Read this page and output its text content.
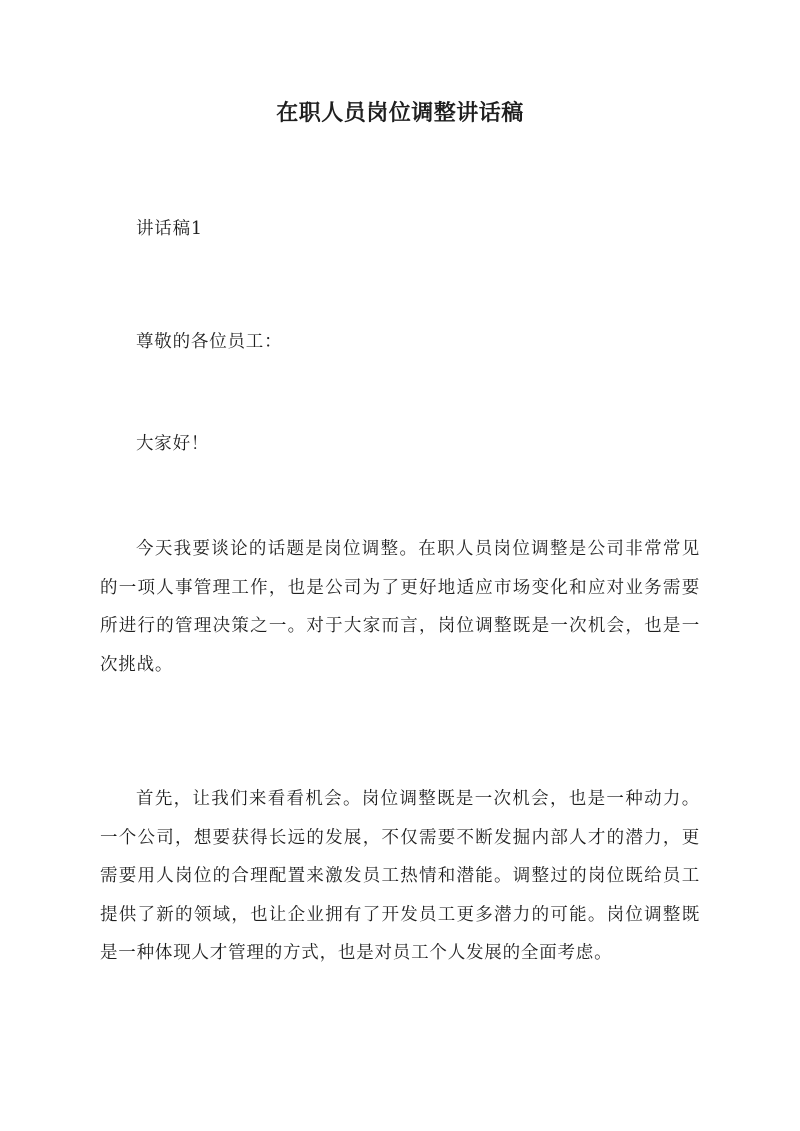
在职人员岗位调整讲话稿

讲话稿1

尊敬的各位员工：

大家好！

今天我要谈论的话题是岗位调整。在职人员岗位调整是公司非常常见的一项人事管理工作，也是公司为了更好地适应市场变化和应对业务需要所进行的管理决策之一。对于大家而言，岗位调整既是一次机会，也是一次挑战。

首先，让我们来看看机会。岗位调整既是一次机会，也是一种动力。一个公司，想要获得长远的发展，不仅需要不断发掘内部人才的潜力，更需要用人岗位的合理配置来激发员工热情和潜能。调整过的岗位既给员工提供了新的领域，也让企业拥有了开发员工更多潜力的可能。岗位调整既是一种体现人才管理的方式，也是对员工个人发展的全面考虑。
